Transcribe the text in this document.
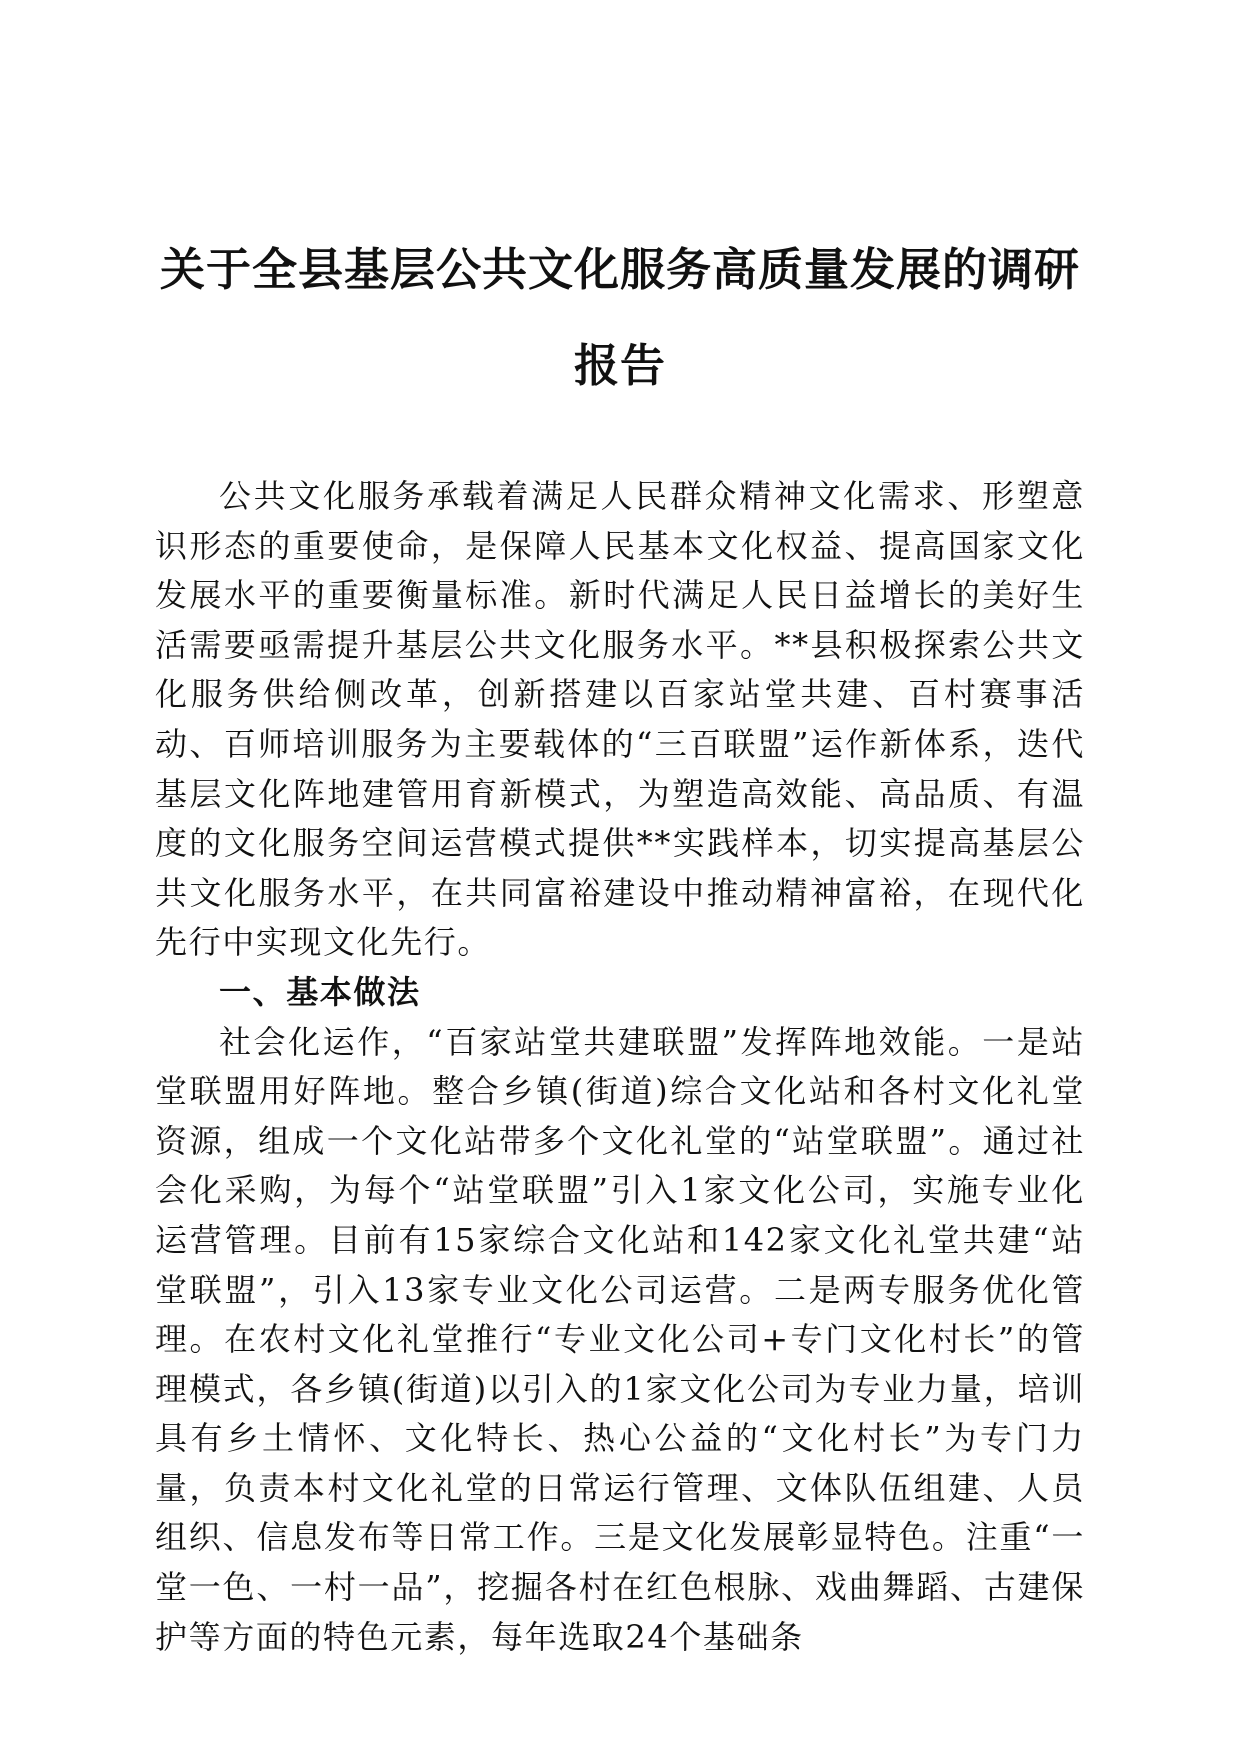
关于全县基层公共文化服务高质量发展的调研报告

公共文化服务承载着满足人民群众精神文化需求、形塑意识形态的重要使命，是保障人民基本文化权益、提高国家文化发展水平的重要衡量标准。新时代满足人民日益增长的美好生活需要亟需提升基层公共文化服务水平。**县积极探索公共文化服务供给侧改革，创新搭建以百家站堂共建、百村赛事活动、百师培训服务为主要载体的“三百联盟”运作新体系，迭代基层文化阵地建管用育新模式，为塑造高效能、高品质、有温度的文化服务空间运营模式提供**实践样本，切实提高基层公共文化服务水平，在共同富裕建设中推动精神富裕，在现代化先行中实现文化先行。

一、基本做法

社会化运作，“百家站堂共建联盟”发挥阵地效能。一是站堂联盟用好阵地。整合乡镇(街道)综合文化站和各村文化礼堂资源，组成一个文化站带多个文化礼堂的“站堂联盟”。通过社会化采购，为每个“站堂联盟”引入1家文化公司，实施专业化运营管理。目前有15家综合文化站和142家文化礼堂共建“站堂联盟”，引入13家专业文化公司运营。二是两专服务优化管理。在农村文化礼堂推行“专业文化公司+专门文化村长”的管理模式，各乡镇(街道)以引入的1家文化公司为专业力量，培训具有乡土情怀、文化特长、热心公益的“文化村长”为专门力量，负责本村文化礼堂的日常运行管理、文体队伍组建、人员组织、信息发布等日常工作。三是文化发展彰显特色。注重“一堂一色、一村一品”，挖掘各村在红色根脉、戏曲舞蹈、古建保护等方面的特色元素，每年选取24个基础条
